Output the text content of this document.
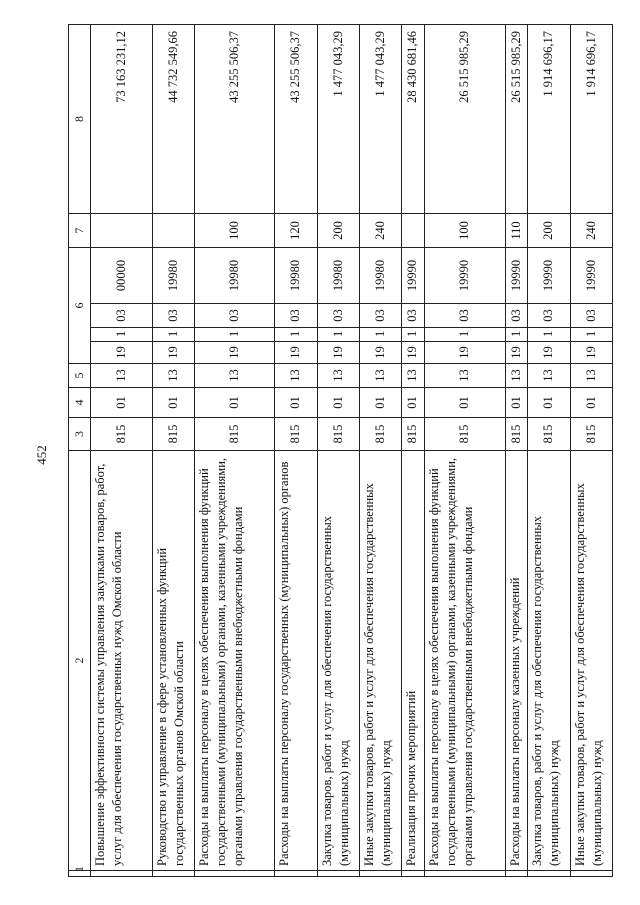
452
1	2	3	4	5	6				7	8
	Повышение эффективности системы управления закупками товаров, работ, услуг для обеспечения государственных нужд Омской области	815	01	13	19	1	03	00000		73 163 231,12
	Руководство и управление в сфере установленных функций государственных органов Омской области	815	01	13	19	1	03	19980		44 732 549,66
	Расходы на выплаты персоналу в целях обеспечения выполнения функций государственными (муниципальными) органами, казенными учреждениями, органами управления государственными внебюджетными фондами	815	01	13	19	1	03	19980	100	43 255 506,37
	Расходы на выплаты персоналу государственных (муниципальных) органов	815	01	13	19	1	03	19980	120	43 255 506,37
	Закупка товаров, работ и услуг для обеспечения государственных (муниципальных) нужд	815	01	13	19	1	03	19980	200	1 477 043,29
	Иные закупки товаров, работ и услуг для обеспечения государственных (муниципальных) нужд	815	01	13	19	1	03	19980	240	1 477 043,29
	Реализация прочих мероприятий	815	01	13	19	1	03	19990		28 430 681,46
	Расходы на выплаты персоналу в целях обеспечения выполнения функций государственными (муниципальными) органами, казенными учреждениями, органами управления государственными внебюджетными фондами	815	01	13	19	1	03	19990	100	26 515 985,29
	Расходы на выплаты персоналу казенных учреждений	815	01	13	19	1	03	19990	110	26 515 985,29
	Закупка товаров, работ и услуг для обеспечения государственных (муниципальных) нужд	815	01	13	19	1	03	19990	200	1 914 696,17
	Иные закупки товаров, работ и услуг для обеспечения государственных (муниципальных) нужд	815	01	13	19	1	03	19990	240	1 914 696,17
